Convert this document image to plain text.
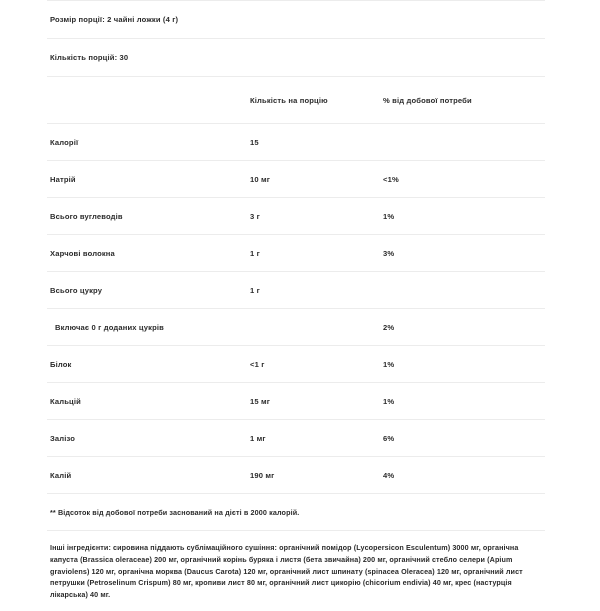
Розмір порції: 2 чайні ложки (4 г)
Кількість порцій: 30
	Кількість на порцію	% від добової потреби
Калорії	15	
Натрій	10 мг	<1%
Всього вуглеводів	3 г	1%
Харчові волокна	1 г	3%
Всього цукру	1 г	
Включає 0 г доданих цукрів		2%
Білок	<1 г	1%
Кальцій	15 мг	1%
Залізо	1 мг	6%
Калій	190 мг	4%
** Відсоток від добової потреби заснований на дієті в 2000 калорій.
Інші інгредієнти: сировина піддають сублімаційного сушіння: органічний помідор (Lycopersicon Esculentum) 3000 мг, органічна капуста (Brassica oleraceae) 200 мг, органічний корінь буряка і листя (бета звичайна) 200 мг, органічний стебло селери (Apium graviolens) 120 мг, органічна морква (Daucus Carota) 120 мг, органічний лист шпинату (spinacea Oleracea) 120 мг, органічний лист петрушки (Petroselinum Crispum) 80 мг, кропиви лист 80 мг, органічний лист цикорію (chicorium endivia) 40 мг, крес (настурція лікарська) 40 мг.
